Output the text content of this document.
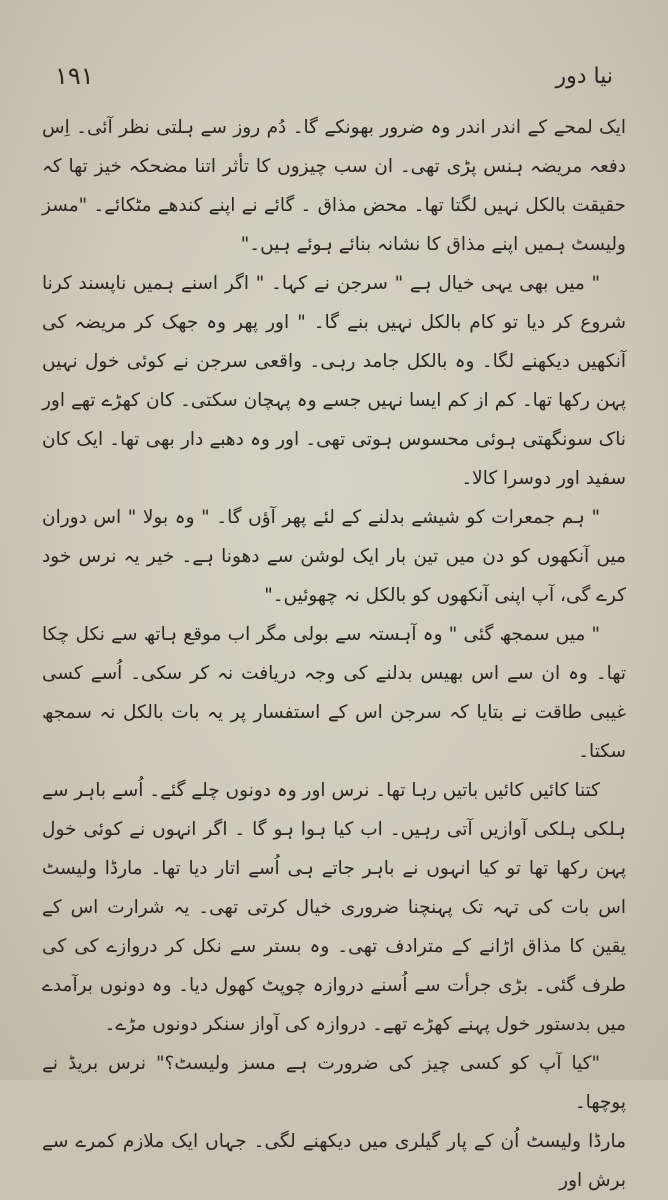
۱۹۱	نیا دور

ایک لمحے کے اندر اندر وہ ضرور بھونکے گا۔ دُم روز سے ہلتی نظر آئی۔ اِس دفعہ مریضہ ہنس پڑی تھی۔ ان سب چیزوں کا تأثر اتنا مضحکہ خیز تھا کہ حقیقت بالکل نہیں لگتا تھا۔ محض مذاق ۔ گائے نے اپنے کندھے مٹکائے۔ "مسز ولیسٹ ہمیں اپنے مذاق کا نشانہ بنائے ہوئے ہیں۔"

" میں بھی یہی خیال ہے " سرجن نے کہا۔ " اگر اسنے ہمیں ناپسند کرنا شروع کر دیا تو کام بالکل نہیں بنے گا۔ " اور پھر وہ جھک کر مریضہ کی آنکھیں دیکھنے لگا۔ وہ بالکل جامد رہی۔ واقعی سرجن نے کوئی خول نہیں پہن رکھا تھا۔ کم از کم ایسا نہیں جسے وہ پہچان سکتی۔ کان کھڑے تھے اور ناک سونگھتی ہوئی محسوس ہوتی تھی۔ اور وہ دھبے دار بھی تھا۔ ایک کان سفید اور دوسرا کالا۔

" ہم جمعرات کو شیشے بدلنے کے لئے پھر آؤں گا۔ " وہ بولا " اس دوران میں آنکھوں کو دن میں تین بار ایک لوشن سے دھونا ہے۔ خیر یہ نرس خود کرے گی، آپ اپنی آنکھوں کو بالکل نہ چھوئیں۔"

" میں سمجھ گئی " وہ آہستہ سے بولی مگر اب موقع ہاتھ سے نکل چکا تھا۔ وہ ان سے اس بھیس بدلنے کی وجہ دریافت نہ کر سکی۔ اُسے کسی غیبی طاقت نے بتایا کہ سرجن اس کے استفسار پر یہ بات بالکل نہ سمجھ سکتا۔

کتنا کائیں کائیں باتیں رہا تھا۔ نرس اور وہ دونوں چلے گئے۔ اُسے باہر سے ہلکی ہلکی آوازیں آتی رہیں۔ اب کیا ہوا ہو گا ۔ اگر انہوں نے کوئی خول پہن رکھا تھا تو کیا انہوں نے باہر جاتے ہی اُسے اتار دیا تھا۔ مارڈا ولیسٹ اس بات کی تہہ تک پہنچنا ضروری خیال کرتی تھی۔ یہ شرارت اس کے یقین کا مذاق اڑانے کے مترادف تھی۔ وہ بستر سے نکل کر دروازے کی کی طرف گئی۔ بڑی جرأت سے اُسنے دروازہ چوپٹ کھول دیا۔ وہ دونوں برآمدے میں بدستور خول پہنے کھڑے تھے۔ دروازہ کی آواز سنکر دونوں مڑے۔

"کیا آپ کو کسی چیز کی ضرورت ہے مسز ولیسٹ؟" نرس بریڈ نے پوچھا۔

مارڈا ولیسٹ اُن کے پار گیلری میں دیکھنے لگی۔ جہاں ایک ملازم کمرے سے برش اور
